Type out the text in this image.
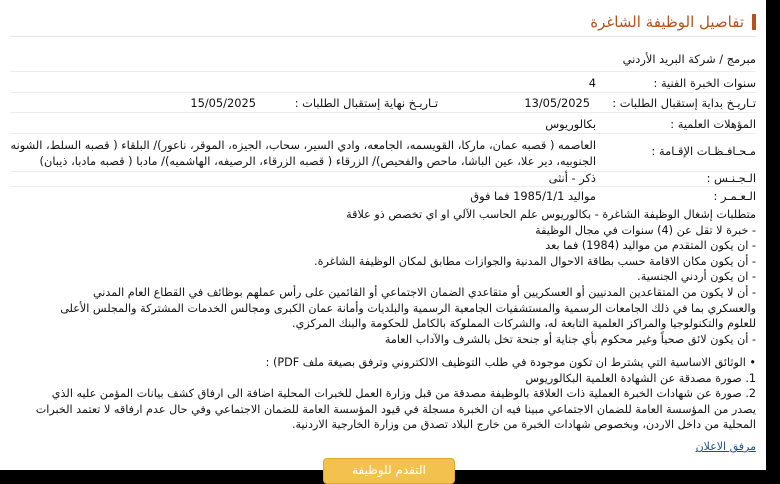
تفاصيل الوظيفة الشاغرة
مبرمج / شركة البريد الأردني
سنوات الخبرة الفنية :
4
تـاريـخ بداية إستقبال الطلبات :
13/05/2025
تـاريـخ نهاية إستقبال الطلبات :
15/05/2025
المؤهلات العلمية :
بكالوريوس
مـحـافـظـات الإقـامة :
العاصمه ( قصبه عمان، ماركا، القويسمه، الجامعه، وادي السير، سحاب، الجيزه، الموقر، ناعور)/ البلقاء ( قصبه السلط، الشونه
الجنوبيه، دير علا، عين الباشا، ماحص والفحيص)/ الزرقاء ( قصبه الزرقاء، الرصيفه، الهاشميه)/ مادبا ( قصبه مادبا، ذيبان)
الـجـنـس :
ذكر - أنثى
الـعـمـر :
مواليد 1985/1/1 فما فوق
متطلبات إشغال الوظيفة الشاغرة - بكالوريوس علم الحاسب الآلي او اي تخصص ذو علاقة
- خبرة لا تقل عن (4) سنوات في مجال الوظيفة
- ان يكون المتقدم من مواليد (1984) فما بعد
- أن يكون مكان الاقامة حسب بطاقة الاحوال المدنية والجوازات مطابق لمكان الوظيفة الشاغرة.
- ان يكون أردني الجنسية.
- أن لا يكون من المتقاعدين المدنيين أو العسكريين أو متقاعدي الضمان الاجتماعي أو القائمين على رأس عملهم بوظائف في القطاع العام المدني
والعسكري بما في ذلك الجامعات الرسمية والمستشفيات الجامعية الرسمية والبلديات وأمانة عمان الكبرى ومجالس الخدمات المشتركة والمجلس الأعلى
للعلوم والتكنولوجيا والمراكز العلمية التابعة له، والشركات المملوكة بالكامل للحكومة والبنك المركزي.
- أن يكون لائق صحياً وغير محكوم بأي جناية أو جنحة تخل بالشرف والآداب العامة
• الوثائق الاساسية التي يشترط ان تكون موجودة في طلب التوظيف الالكتروني وترفق بصيغة ملف PDF) :
1. صورة مصدقة عن الشهادة العلمية البكالوريوس
2. صورة عن شهادات الخبرة العملية ذات العلاقة بالوظيفة مصدقة من قبل وزارة العمل للخبرات المحلية اضافة الى ارفاق كشف بيانات المؤمن عليه الذي
يصدر من المؤسسة العامة للضمان الاجتماعي مبينا فيه ان الخبرة مسجلة في قيود المؤسسة العامة للضمان الاجتماعي وفي حال عدم ارفاقه لا تعتمد الخبرات
المحلية من داخل الاردن، وبخصوص شهادات الخبرة من خارج البلاد تصدق من وزارة الخارجية الاردنية.
مرفق الاعلان
التقدم للوظيفة
